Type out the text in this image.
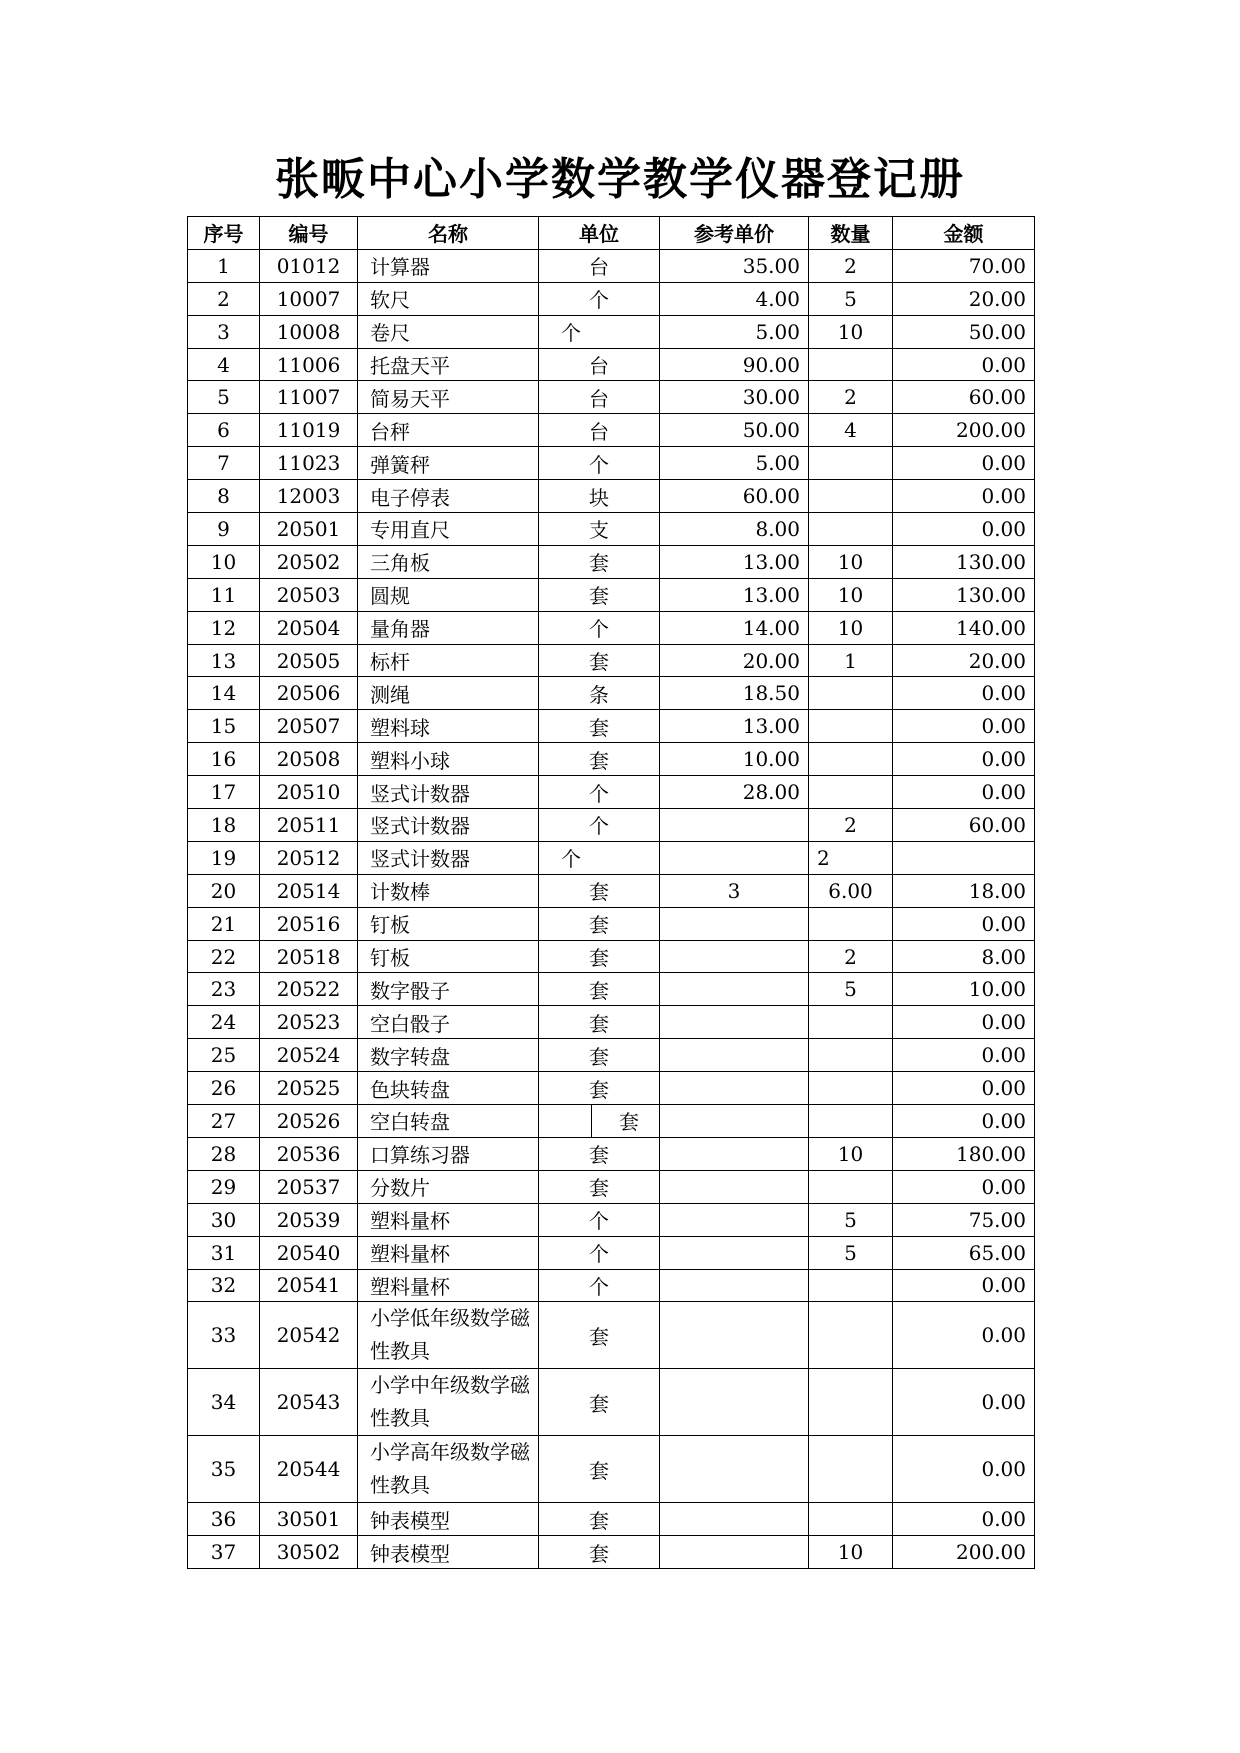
张畈中心小学数学教学仪器登记册
序号	编号	名称	单位	参考单价	数量	金额
1	01012	计算器	台	35.00	2	70.00
2	10007	软尺	个	4.00	5	20.00
3	10008	卷尺	个	5.00	10	50.00
4	11006	托盘天平	台	90.00		0.00
5	11007	简易天平	台	30.00	2	60.00
6	11019	台秤	台	50.00	4	200.00
7	11023	弹簧秤	个	5.00		0.00
8	12003	电子停表	块	60.00		0.00
9	20501	专用直尺	支	8.00		0.00
10	20502	三角板	套	13.00	10	130.00
11	20503	圆规	套	13.00	10	130.00
12	20504	量角器	个	14.00	10	140.00
13	20505	标杆	套	20.00	1	20.00
14	20506	测绳	条	18.50		0.00
15	20507	塑料球	套	13.00		0.00
16	20508	塑料小球	套	10.00		0.00
17	20510	竖式计数器	个	28.00		0.00
18	20511	竖式计数器	个		2	60.00
19	20512	竖式计数器	个		2	
20	20514	计数棒	套	3	6.00	18.00
21	20516	钉板	套			0.00
22	20518	钉板	套		2	8.00
23	20522	数字骰子	套		5	10.00
24	20523	空白骰子	套			0.00
25	20524	数字转盘	套			0.00
26	20525	色块转盘	套			0.00
27	20526	空白转盘	套			0.00
28	20536	口算练习器	套		10	180.00
29	20537	分数片	套			0.00
30	20539	塑料量杯	个		5	75.00
31	20540	塑料量杯	个		5	65.00
32	20541	塑料量杯	个			0.00
33	20542	小学低年级数学磁性教具	套			0.00
34	20543	小学中年级数学磁性教具	套			0.00
35	20544	小学高年级数学磁性教具	套			0.00
36	30501	钟表模型	套			0.00
37	30502	钟表模型	套		10	200.00
